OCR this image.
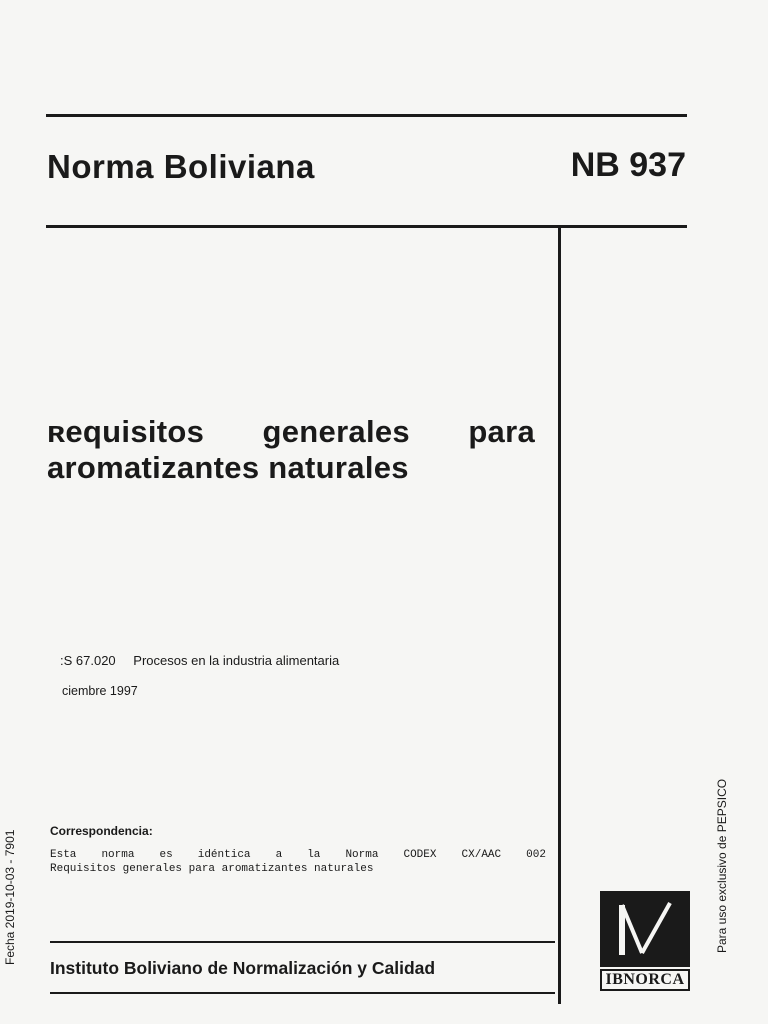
Norma Boliviana	NB 937
ʀequisitos generales para
aromatizantes naturales
:S 67.020 Procesos en la industria alimentaria
ciembre 1997
Correspondencia:
Esta norma es idéntica a la Norma CODEX CX/AAC 002
Requisitos generales para aromatizantes naturales
Instituto Boliviano de Normalización y Calidad
IBNORCA
Fecha 2019-10-03 - 7901	Para uso exclusivo de PEPSICO
